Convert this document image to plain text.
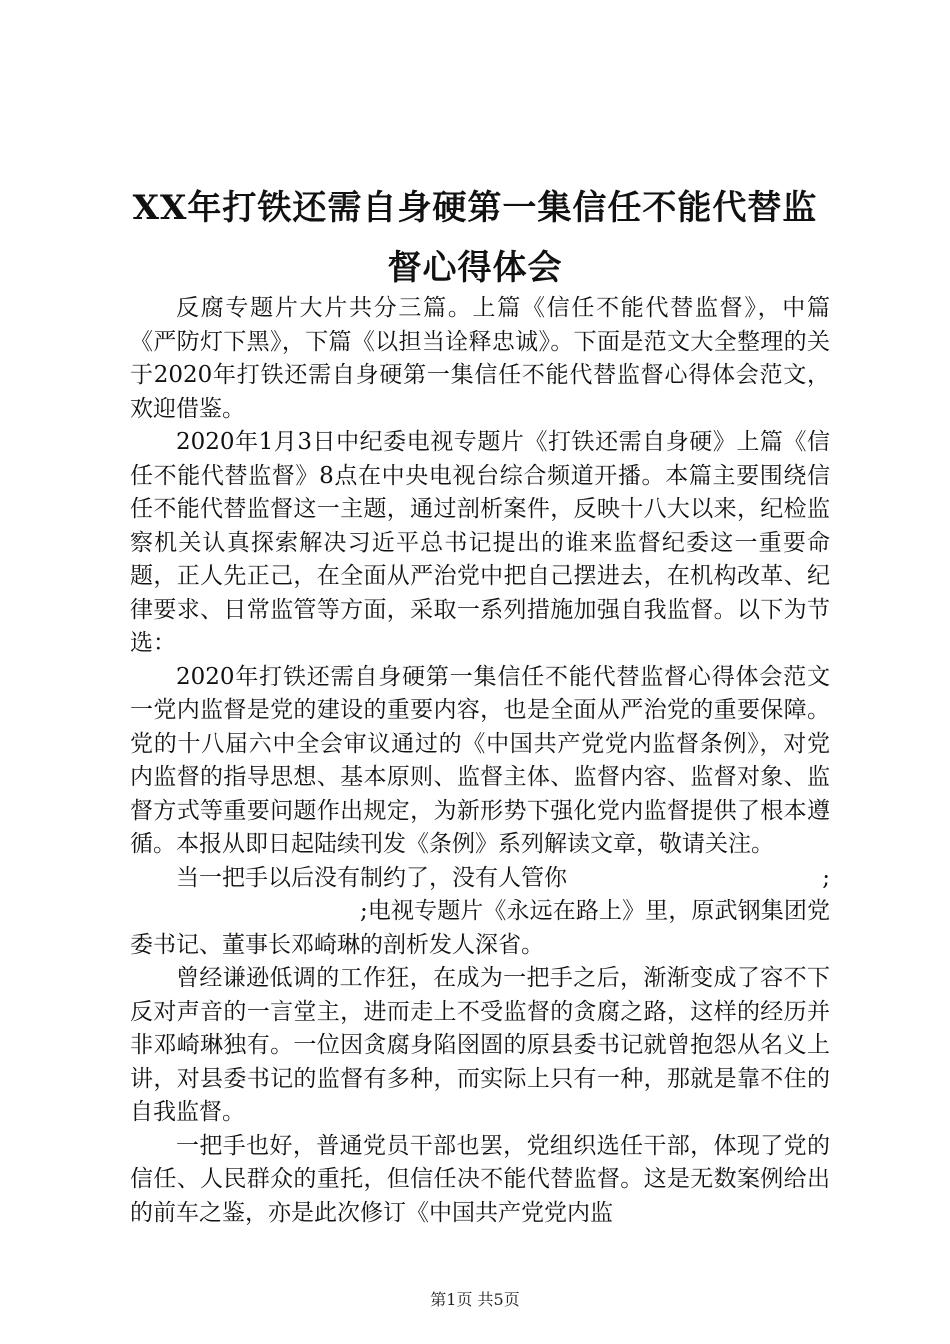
XX年打铁还需自身硬第一集信任不能代替监
督心得体会

反腐专题片大片共分三篇。上篇《信任不能代替监督》，中篇《严防灯下黑》，下篇《以担当诠释忠诚》。下面是范文大全整理的关于2020年打铁还需自身硬第一集信任不能代替监督心得体会范文，欢迎借鉴。

2020年1月3日中纪委电视专题片《打铁还需自身硬》上篇《信任不能代替监督》8点在中央电视台综合频道开播。本篇主要围绕信任不能代替监督这一主题，通过剖析案件，反映十八大以来，纪检监察机关认真探索解决习近平总书记提出的谁来监督纪委这一重要命题，正人先正己，在全面从严治党中把自己摆进去，在机构改革、纪律要求、日常监管等方面，采取一系列措施加强自我监督。以下为节选：

2020年打铁还需自身硬第一集信任不能代替监督心得体会范文一党内监督是党的建设的重要内容，也是全面从严治党的重要保障。党的十八届六中全会审议通过的《中国共产党党内监督条例》，对党内监督的指导思想、基本原则、监督主体、监督内容、监督对象、监督方式等重要问题作出规定，为新形势下强化党内监督提供了根本遵循。本报从即日起陆续刊发《条例》系列解读文章，敬请关注。

当一把手以后没有制约了，没有人管你	;

;电视专题片《永远在路上》里，原武钢集团党委书记、董事长邓崎琳的剖析发人深省。

曾经谦逊低调的工作狂，在成为一把手之后，渐渐变成了容不下反对声音的一言堂主，进而走上不受监督的贪腐之路，这样的经历并非邓崎琳独有。一位因贪腐身陷囹圄的原县委书记就曾抱怨从名义上讲，对县委书记的监督有多种，而实际上只有一种，那就是靠不住的自我监督。

一把手也好，普通党员干部也罢，党组织选任干部，体现了党的信任、人民群众的重托，但信任决不能代替监督。这是无数案例给出的前车之鉴，亦是此次修订《中国共产党党内监

第1页 共5页
